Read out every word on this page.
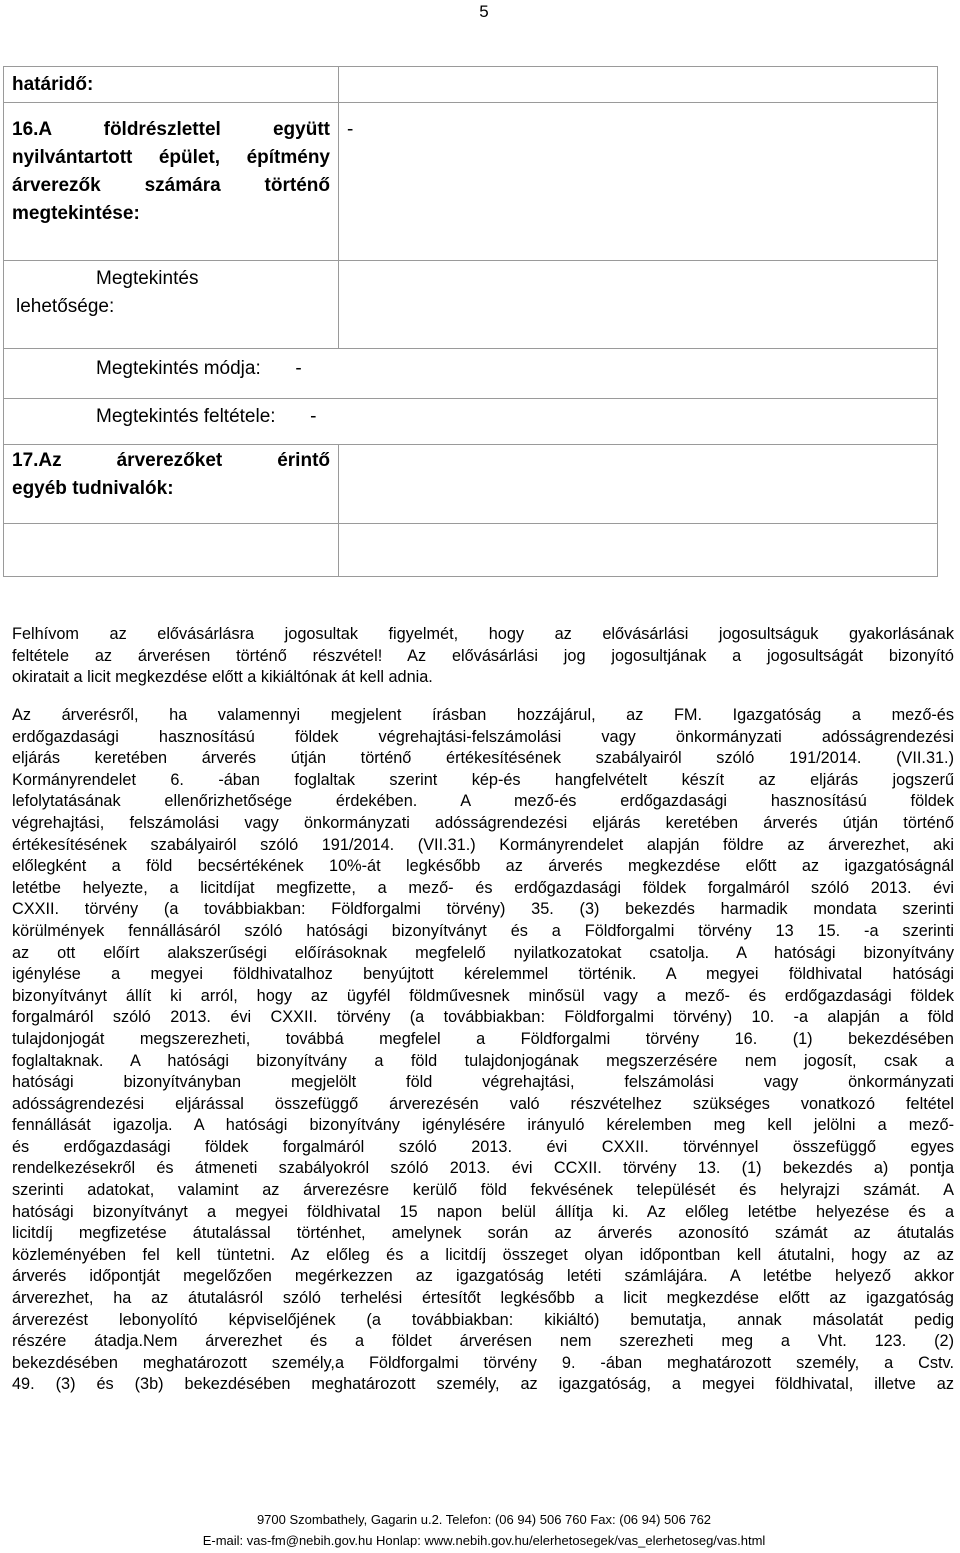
5
határidő:	

16.A földrészlettel együtt nyilvántartott épület, építmény árverezők számára történő megtekintése:	-

Megtekintés
lehetősége:	

Megtekintés módja: -	

Megtekintés feltétele: -	

17.Az árverezőket érintő
egyéb tudnivalók:	

Felhívom az elővásárlásra jogosultak figyelmét, hogy az elővásárlási jogosultságuk gyakorlásának
feltétele az árverésen történő részvétel! Az elővásárlási jog jogosultjának a jogosultságát bizonyító
okiratait a licit megkezdése előtt a kikiáltónak át kell adnia.
Az árverésről, ha valamennyi megjelent írásban hozzájárul, az FM. Igazgatóság a mező-és
erdőgazdasági hasznosítású földek végrehajtási-felszámolási vagy önkormányzati adósságrendezési
eljárás keretében árverés útján történő értékesítésének szabályairól szóló 191/2014. (VII.31.)
Kormányrendelet 6. -ában foglaltak szerint kép-és hangfelvételt készít az eljárás jogszerű
lefolytatásának ellenőrizhetősége érdekében. A mező-és erdőgazdasági hasznosítású földek
végrehajtási, felszámolási vagy önkormányzati adósságrendezési eljárás keretében árverés útján történő
értékesítésének szabályairól szóló 191/2014. (VII.31.) Kormányrendelet alapján földre az árverezhet, aki
előlegként a föld becsértékének 10%-át legkésőbb az árverés megkezdése előtt az igazgatóságnál
letétbe helyezte, a licitdíjat megfizette, a mező- és erdőgazdasági földek forgalmáról szóló 2013. évi
CXXII. törvény (a továbbiakban: Földforgalmi törvény) 35. (3) bekezdés harmadik mondata szerinti
körülmények fennállásáról szóló hatósági bizonyítványt és a Földforgalmi törvény 13 15. -a szerinti
az ott előírt alakszerűségi előírásoknak megfelelő nyilatkozatokat csatolja. A hatósági bizonyítvány
igénylése a megyei földhivatalhoz benyújtott kérelemmel történik. A megyei földhivatal hatósági
bizonyítványt állít ki arról, hogy az ügyfél földművesnek minősül vagy a mező- és erdőgazdasági földek
forgalmáról szóló 2013. évi CXXII. törvény (a továbbiakban: Földforgalmi törvény) 10. -a alapján a föld
tulajdonjogát megszerezheti, továbbá megfelel a Földforgalmi törvény 16. (1) bekezdésében
foglaltaknak. A hatósági bizonyítvány a föld tulajdonjogának megszerzésére nem jogosít, csak a
hatósági bizonyítványban megjelölt föld végrehajtási, felszámolási vagy önkormányzati
adósságrendezési eljárással összefüggő árverezésén való részvételhez szükséges vonatkozó feltétel
fennállását igazolja. A hatósági bizonyítvány igénylésére irányuló kérelemben meg kell jelölni a mező-
és erdőgazdasági földek forgalmáról szóló 2013. évi CXXII. törvénnyel összefüggő egyes
rendelkezésekről és átmeneti szabályokról szóló 2013. évi CCXII. törvény 13. (1) bekezdés a) pontja
szerinti adatokat, valamint az árverezésre kerülő föld fekvésének települését és helyrajzi számát. A
hatósági bizonyítványt a megyei földhivatal 15 napon belül állítja ki. Az előleg letétbe helyezése és a
licitdíj megfizetése átutalással történhet, amelynek során az árverés azonosító számát az átutalás
közleményében fel kell tüntetni. Az előleg és a licitdíj összeget olyan időpontban kell átutalni, hogy az az
árverés időpontját megelőzően megérkezzen az igazgatóság letéti számlájára. A letétbe helyező akkor
árverezhet, ha az átutalásról szóló terhelési értesítőt legkésőbb a licit megkezdése előtt az igazgatóság
árverezést lebonyolító képviselőjének (a továbbiakban: kikiáltó) bemutatja, annak másolatát pedig
részére átadja.Nem árverezhet és a földet árverésen nem szerezheti meg a Vht. 123. (2)
bekezdésében meghatározott személy,a Földforgalmi törvény 9. -ában meghatározott személy, a Cstv.
49. (3) és (3b) bekezdésében meghatározott személy, az igazgatóság, a megyei földhivatal, illetve az
9700 Szombathely, Gagarin u.2. Telefon: (06 94) 506 760 Fax: (06 94) 506 762
E-mail: vas-fm@nebih.gov.hu Honlap: www.nebih.gov.hu/elerhetosegek/vas_elerhetoseg/vas.html
